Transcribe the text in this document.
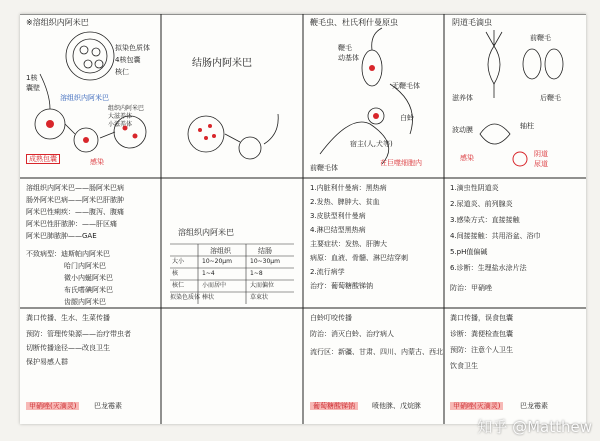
※溶组织内阿米巴
拟染色质体
4核包囊
核仁
1核
囊壁
溶组织内阿米巴
成熟包囊	感染
组织内阿米巴
大滋养体
小滋养体
结肠内阿米巴
鞭毛虫、杜氏利什曼原虫
鞭毛
动基体
无鞭毛体
前鞭毛体
宿主(人,犬等)
白蛉
在巨噬细胞内
阴道毛滴虫
滋养体
轴柱
波动膜
前鞭毛
后鞭毛
感染	阴道
尿道
溶组织内阿米巴——肠阿米巴病
肠外阿米巴病——阿米巴肝脓肿
阿米巴性痢疾：——腹泻、腹痛
阿米巴性肝脓肿：——肝区痛
阿米巴肺脓肿——GAE
不致病型：迪斯帕内阿米巴
哈门内阿米巴
微小内蜒阿米巴
布氏嗜碘阿米巴
齿龈内阿米巴
溶组织内阿米巴
溶组织	结肠
大小	10~20μm	10~30μm
核	1~4	1~8
核仁	小而居中	大而偏位
拟染色质体 棒状	草束状
1.内脏利什曼病：黑热病
2.发热、脾肿大、贫血
3.皮肤型利什曼病
4.淋巴结型黑热病
主要症状：发热、肝脾大
病原：血液、骨髓、淋巴结穿刺
2.流行病学
治疗：葡萄糖酸锑钠
1.滴虫性阴道炎
2.尿道炎、前列腺炎
3.感染方式：直接接触
4.间接接触：共用浴盆、浴巾
5.pH值偏碱
6.诊断：生理盐水涂片法
防治：甲硝唑
粪口传播、生水、生菜传播
预防：管理传染源——治疗带虫者
切断传播途径——改良卫生
保护易感人群
甲硝唑(灭滴灵)	巴龙霉素
白蛉叮咬传播
防治：消灭白蛉、治疗病人
流行区：新疆、甘肃、四川、内蒙古、西北
葡萄糖酸锑钠	喷他脒、戊烷脒
粪口传播，误食包囊
诊断：粪便检查包囊
预防：注意个人卫生
饮食卫生
甲硝唑(灭滴灵)	巴龙霉素
知乎 @Matthew
